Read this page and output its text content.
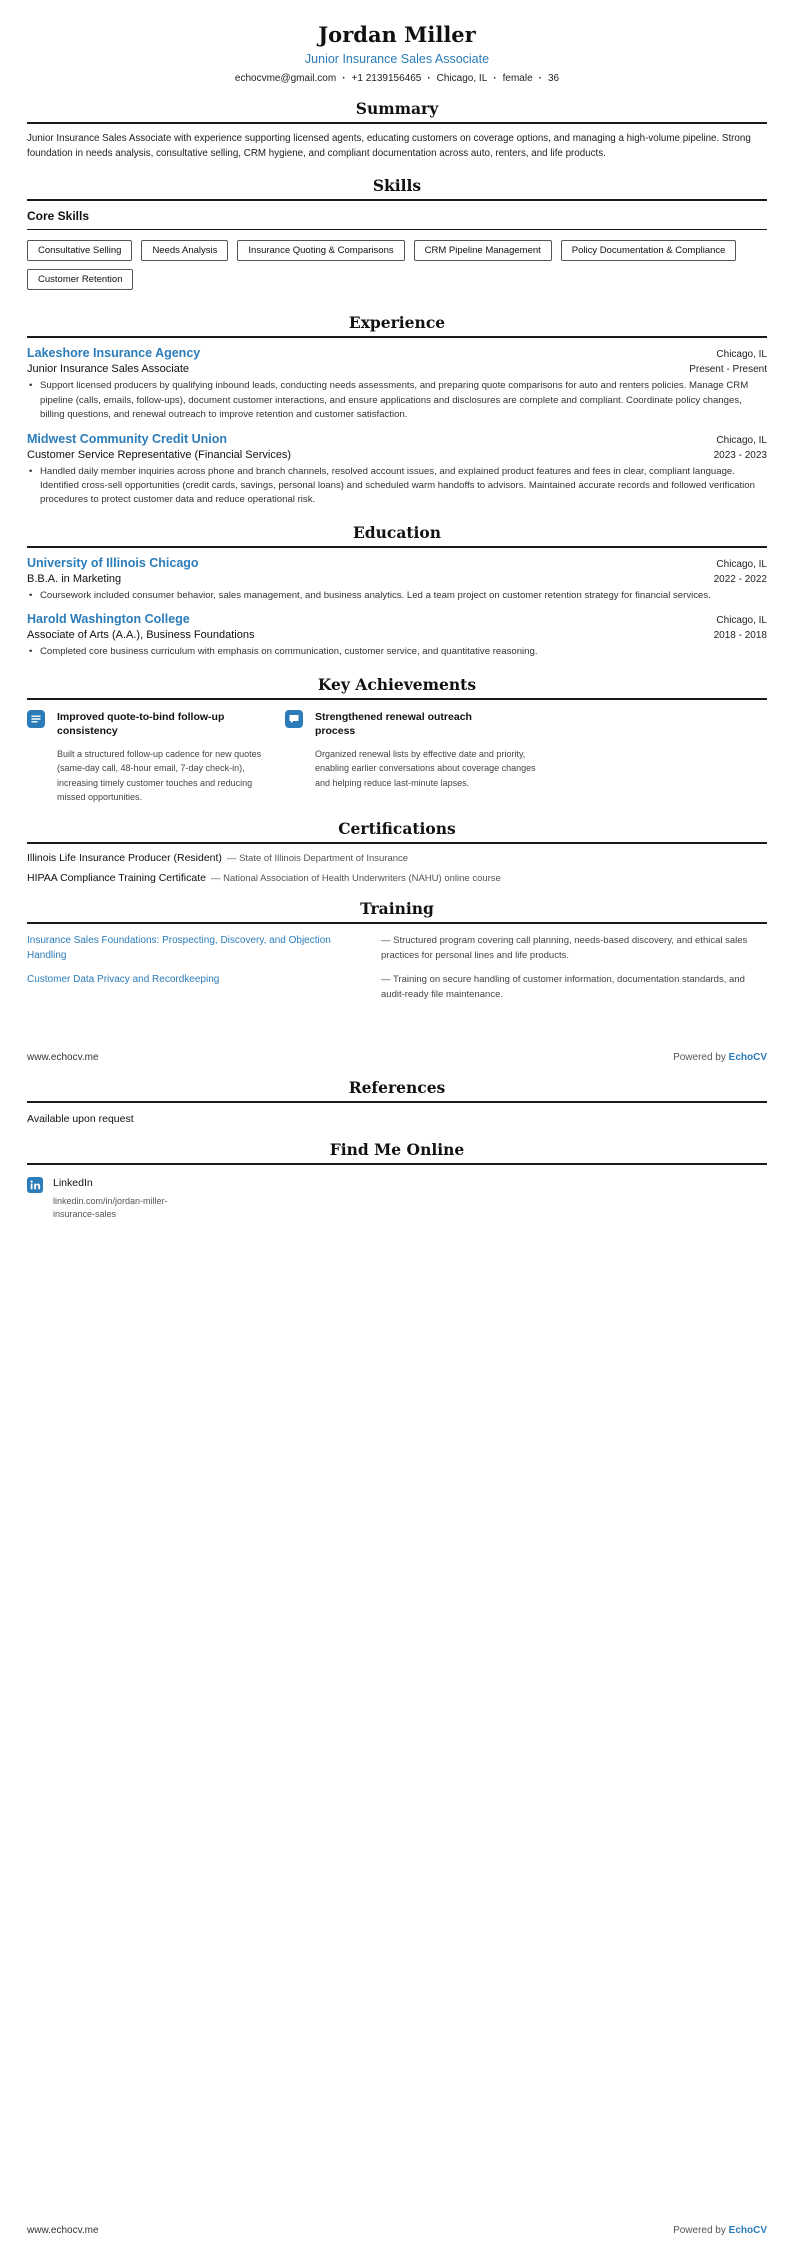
Jordan Miller
Junior Insurance Sales Associate
echocvme@gmail.com · +1 2139156465 · Chicago, IL · female · 36
Summary
Junior Insurance Sales Associate with experience supporting licensed agents, educating customers on coverage options, and managing a high-volume pipeline. Strong foundation in needs analysis, consultative selling, CRM hygiene, and compliant documentation across auto, renters, and life products.
Skills
Core Skills
Consultative Selling	Needs Analysis	Insurance Quoting & Comparisons	CRM Pipeline Management	Policy Documentation & ComplianceCustomer Retention
Experience
Lakeshore Insurance Agency	Chicago, IL
Junior Insurance Sales Associate	Present - Present
• Support licensed producers by qualifying inbound leads, conducting needs assessments, and preparing quote comparisons for auto and renters policies. Manage CRM pipeline (calls, emails, follow-ups), document customer interactions, and ensure applications and disclosures are complete and compliant. Coordinate policy changes, billing questions, and renewal outreach to improve retention and customer satisfaction.
Midwest Community Credit Union	Chicago, IL
Customer Service Representative (Financial Services)	2023 - 2023
• Handled daily member inquiries across phone and branch channels, resolved account issues, and explained product features and fees in clear, compliant language. Identified cross-sell opportunities (credit cards, savings, personal loans) and scheduled warm handoffs to advisors. Maintained accurate records and followed verification procedures to protect customer data and reduce operational risk.
Education
University of Illinois Chicago	Chicago, IL
B.B.A. in Marketing	2022 - 2022
• Coursework included consumer behavior, sales management, and business analytics. Led a team project on customer retention strategy for financial services.
Harold Washington College	Chicago, IL
Associate of Arts (A.A.), Business Foundations	2018 - 2018
• Completed core business curriculum with emphasis on communication, customer service, and quantitative reasoning.
Key Achievements
Improved quote-to-bind follow-up consistency
Built a structured follow-up cadence for new quotes (same-day call, 48-hour email, 7-day check-in), increasing timely customer touches and reducing missed opportunities.
Strengthened renewal outreach process
Organized renewal lists by effective date and priority, enabling earlier conversations about coverage changes and helping reduce last-minute lapses.
Certifications
Illinois Life Insurance Producer (Resident) — State of Illinois Department of Insurance
HIPAA Compliance Training Certificate — National Association of Health Underwriters (NAHU) online course
Training
Insurance Sales Foundations: Prospecting, Discovery, and Objection Handling
— Structured program covering call planning, needs-based discovery, and ethical sales practices for personal lines and life products.
Customer Data Privacy and Recordkeeping	— Training on secure handling of customer information, documentation standards, and audit-ready file maintenance.
www.echocv.me	Powered by EchoCV
References
Available upon request
Find Me Online
LinkedIn
linkedin.com/in/jordan-miller-insurance-sales
www.echocv.me	Powered by EchoCV
